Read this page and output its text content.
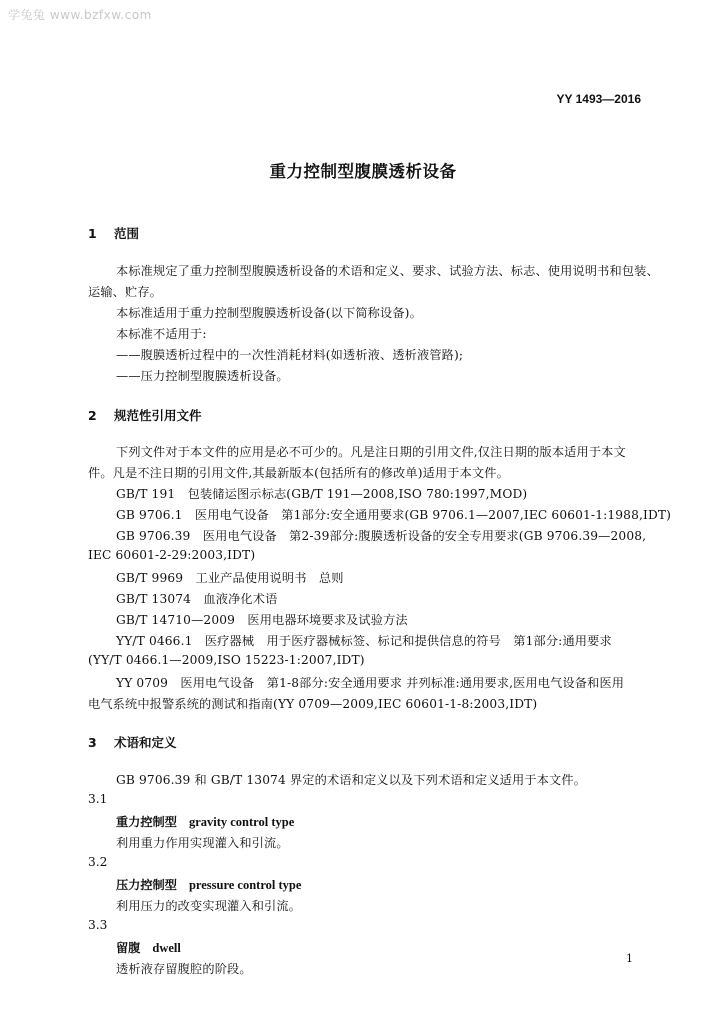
学兔兔 www.bzfxw.com
YY 1493—2016
重力控制型腹膜透析设备
1 范围
本标准规定了重力控制型腹膜透析设备的术语和定义、要求、试验方法、标志、使用说明书和包装、
运输、贮存。
本标准适用于重力控制型腹膜透析设备(以下简称设备)。
本标准不适用于:
——腹膜透析过程中的一次性消耗材料(如透析液、透析液管路);
——压力控制型腹膜透析设备。
2 规范性引用文件
下列文件对于本文件的应用是必不可少的。凡是注日期的引用文件,仅注日期的版本适用于本文
件。凡是不注日期的引用文件,其最新版本(包括所有的修改单)适用于本文件。
GB/T 191　包装储运图示标志(GB/T 191—2008,ISO 780:1997,MOD)
GB 9706.1　医用电气设备　第1部分:安全通用要求(GB 9706.1—2007,IEC 60601-1:1988,IDT)
GB 9706.39　医用电气设备　第2-39部分:腹膜透析设备的安全专用要求(GB 9706.39—2008,
IEC 60601-2-29:2003,IDT)
GB/T 9969　工业产品使用说明书　总则
GB/T 13074　血液净化术语
GB/T 14710—2009　医用电器环境要求及试验方法
YY/T 0466.1　医疗器械　用于医疗器械标签、标记和提供信息的符号　第1部分:通用要求
(YY/T 0466.1—2009,ISO 15223-1:2007,IDT)
YY 0709　医用电气设备　第1-8部分:安全通用要求 并列标准:通用要求,医用电气设备和医用
电气系统中报警系统的测试和指南(YY 0709—2009,IEC 60601-1-8:2003,IDT)
3 术语和定义
GB 9706.39 和 GB/T 13074 界定的术语和定义以及下列术语和定义适用于本文件。
3.1
重力控制型 gravity control type
利用重力作用实现灌入和引流。
3.2
压力控制型 pressure control type
利用压力的改变实现灌入和引流。
3.3
留腹 dwell
透析液存留腹腔的阶段。
1
